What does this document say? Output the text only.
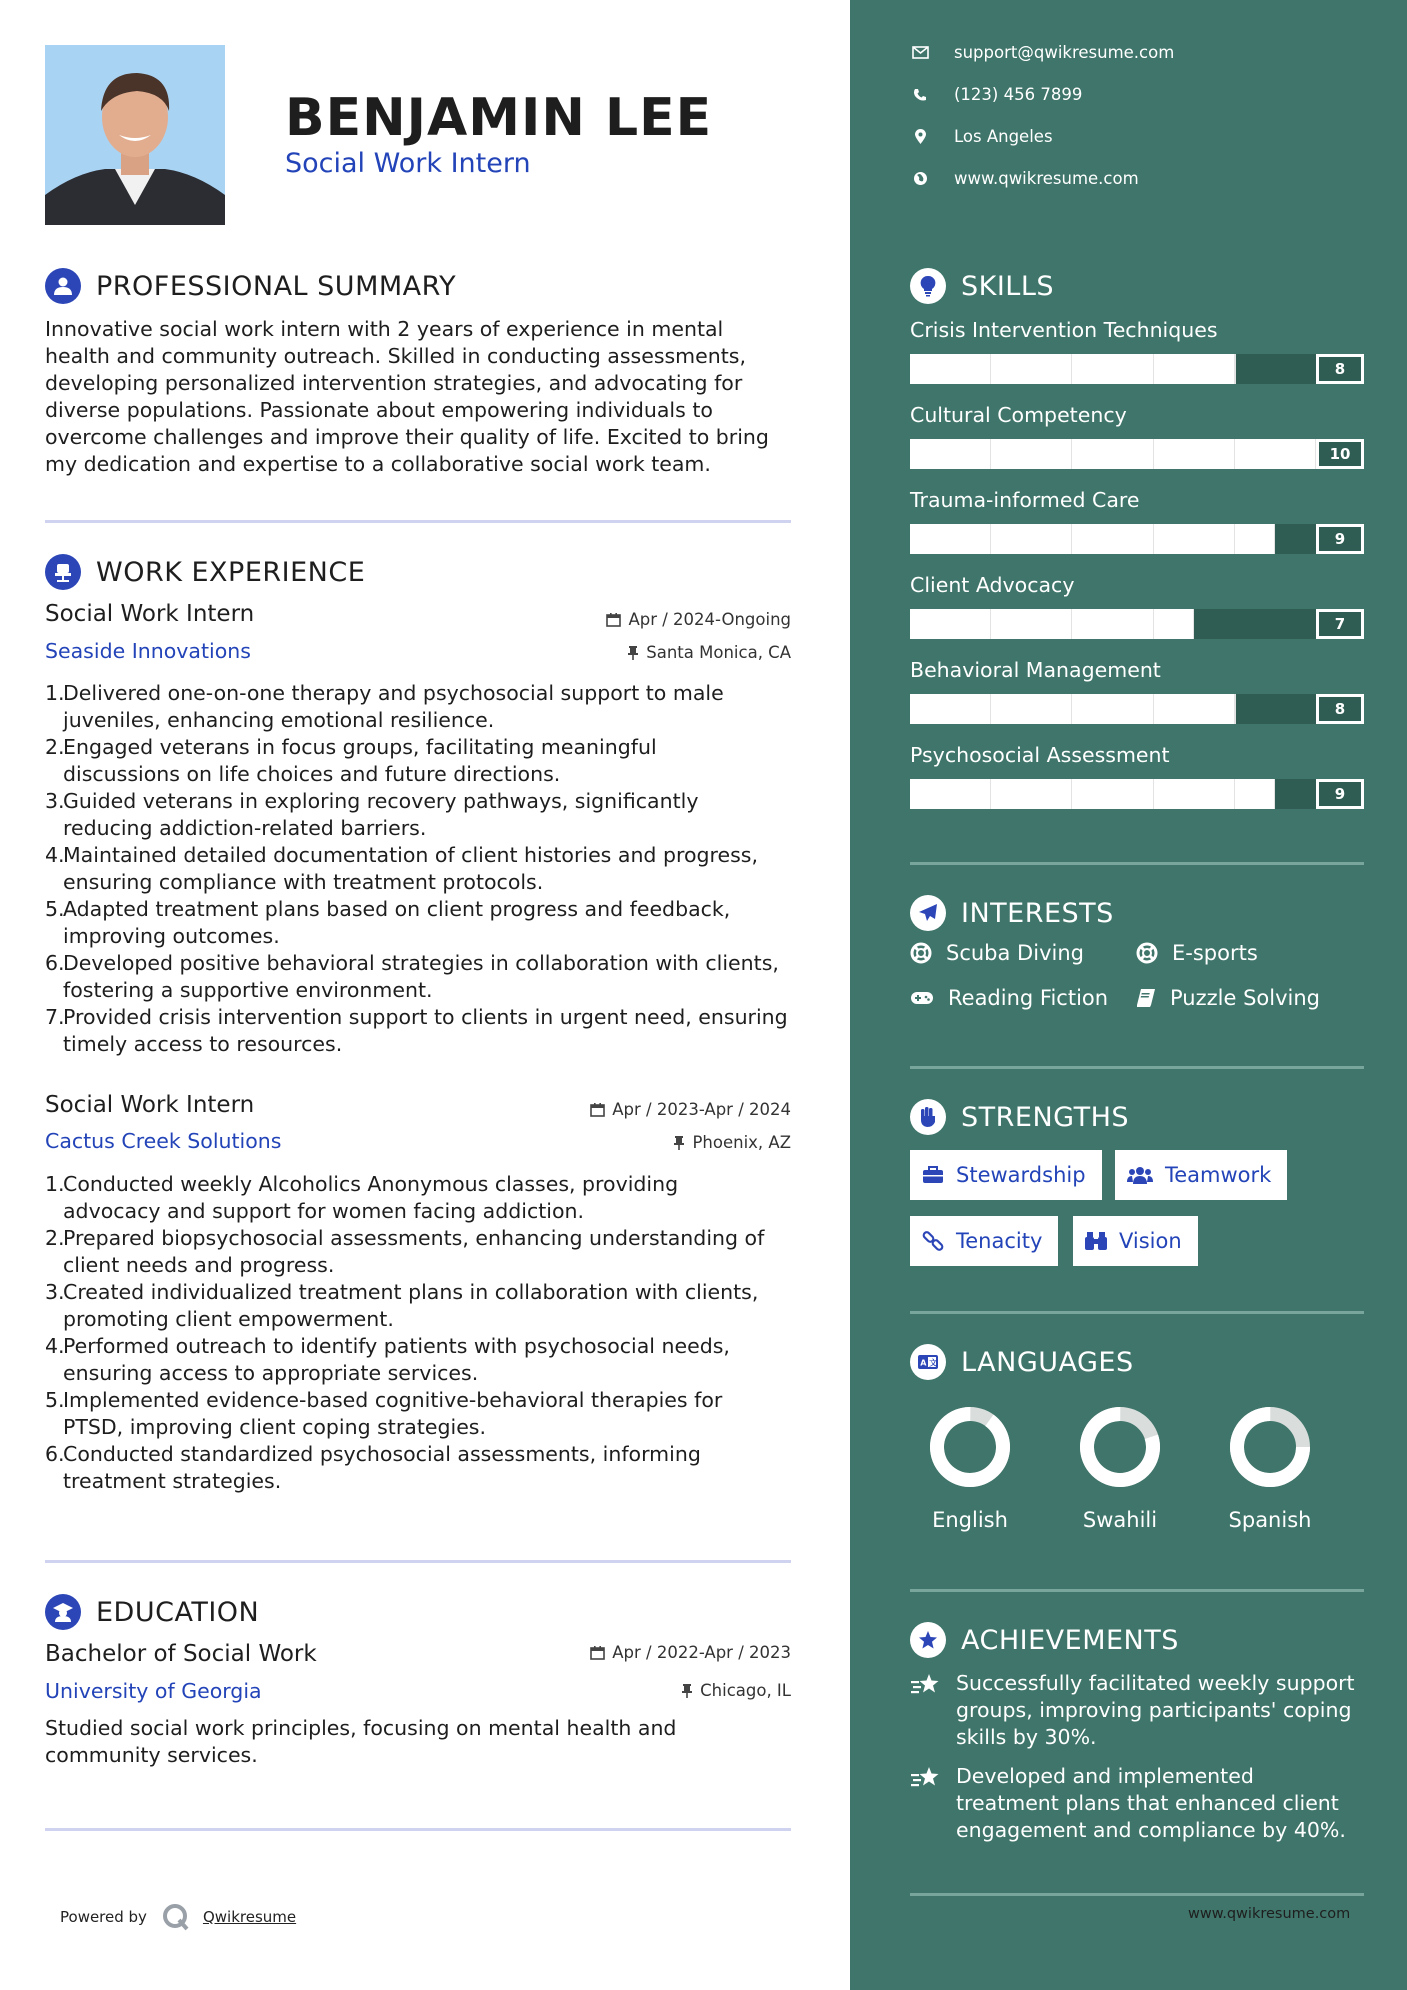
BENJAMIN LEE
Social Work Intern
PROFESSIONAL SUMMARY
Innovative social work intern with 2 years of experience in mental
health and community outreach. Skilled in conducting assessments,
developing personalized intervention strategies, and advocating for
diverse populations. Passionate about empowering individuals to
overcome challenges and improve their quality of life. Excited to bring
my dedication and expertise to a collaborative social work team.
WORK EXPERIENCE
Social Work Intern	Apr / 2024-Ongoing
Seaside Innovations	Santa Monica, CA
1.
Delivered one-on-one therapy and psychosocial support to male
juveniles, enhancing emotional resilience.
2.
Engaged veterans in focus groups, facilitating meaningful
discussions on life choices and future directions.
3.
Guided veterans in exploring recovery pathways, significantly
reducing addiction-related barriers.
4.
Maintained detailed documentation of client histories and progress,
ensuring compliance with treatment protocols.
5.
Adapted treatment plans based on client progress and feedback,
improving outcomes.
6.
Developed positive behavioral strategies in collaboration with clients,
fostering a supportive environment.
7.
Provided crisis intervention support to clients in urgent need, ensuring
timely access to resources.
Social Work Intern	Apr / 2023-Apr / 2024
Cactus Creek Solutions	Phoenix, AZ
1.
Conducted weekly Alcoholics Anonymous classes, providing
advocacy and support for women facing addiction.
2.
Prepared biopsychosocial assessments, enhancing understanding of
client needs and progress.
3.
Created individualized treatment plans in collaboration with clients,
promoting client empowerment.
4.
Performed outreach to identify patients with psychosocial needs,
ensuring access to appropriate services.
5.
Implemented evidence-based cognitive-behavioral therapies for
PTSD, improving client coping strategies.
6.
Conducted standardized psychosocial assessments, informing
treatment strategies.
EDUCATION
Bachelor of Social Work	Apr / 2022-Apr / 2023
University of Georgia	Chicago, IL
Studied social work principles, focusing on mental health and
community services.
Powered by	Qwikresume
support@qwikresume.com
(123) 456 7899
Los Angeles
www.qwikresume.com
SKILLS
Crisis Intervention Techniques
8
Cultural Competency
10
Trauma-informed Care
9
Client Advocacy
7
Behavioral Management
8
Psychosocial Assessment
9
INTERESTS
Scuba Diving	E-sports
Reading Fiction	Puzzle Solving
STRENGTHS
Stewardship	Teamwork
Tenacity	Vision
A 文 LANGUAGES
English	Swahili	Spanish
ACHIEVEMENTS
Successfully facilitated weekly support
groups, improving participants' coping
skills by 30%.
Developed and implemented
treatment plans that enhanced client
engagement and compliance by 40%.
www.qwikresume.com
